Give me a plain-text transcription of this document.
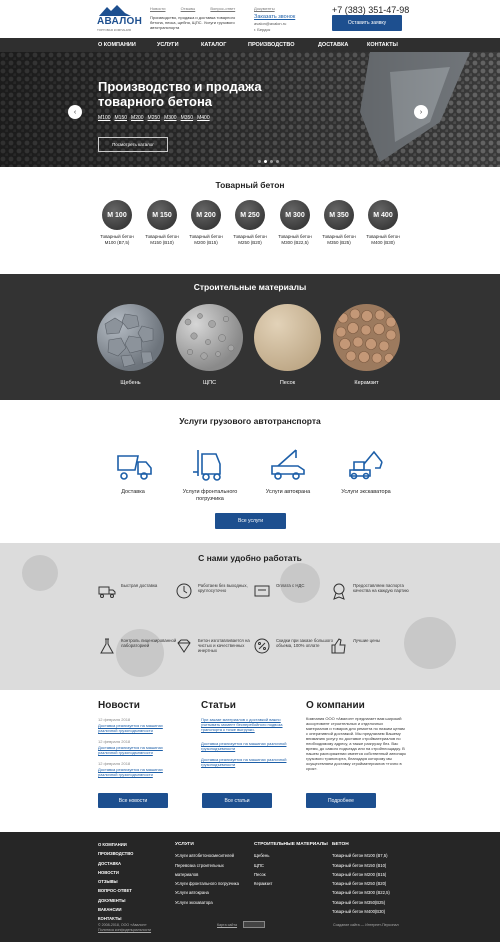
АВАЛОН
ТОРГОВАЯ КОМПАНИЯ
Новости	Отзывы	Вопрос-ответ
Производство, продажа и доставка товарного бетона, песка, щебня, ЩПС. Услуги грузового автотранспорта
Документы
Заказать звонок
avalon@avalon.ru
г. Бердск
+7 (383) 351-47-98
Оставить заявку
О КОМПАНИИ	УСЛУГИ	КАТАЛОГ	ПРОИЗВОДСТВО	ДОСТАВКА	КОНТАКТЫ
Производство и продажа товарного бетона
М100 М150 М200 М250 М300 М350 М400
Посмотреть каталог
‹	›
Товарный бетон
М 100
Товарный бетон М100 (В7,5)
М 150
Товарный бетон М150 (В10)
М 200
Товарный бетон М200 (В15)
М 250
Товарный бетон М250 (В20)
М 300
Товарный бетон М300 (В22,5)
М 350
Товарный бетон М350 (В25)
М 400
Товарный бетон М400 (В30)
Строительные материалы
Щебень	ЩПС	Песок	Керамзит
Услуги грузового автотранспорта
Доставка	Услуги фронтального погрузчика
Услуги автокрана	Услуги экскаватора
Все услуги
С нами удобно работать
Быстрая доставка	Работаем без выходных, круглосуточно
Оплата с НДС	Предоставляем паспорта качества на каждую партию
Контроль лицензированной лабораторией
Бетон изготавливается на чистых и качественных инертных
Скидки при заказе большого объема, 100% оплате
Лучшие цены
Новости
12 февраля 2018
Доставка реализуется на машинах различной грузоподъемности
12 февраля 2018
Доставка реализуется на машинах различной грузоподъемности
12 февраля 2018
Доставка реализуется на машинах различной грузоподъемности
Все новости
Статьи
При заказе материалов с доставкой важно учитывать момент бесперебойного подвоза транспорта к точке выгрузки.
Доставка реализуется на машинах различной грузоподъемности
Доставка реализуется на машинах различной грузоподъемности
Все статьи
О компании
Компания ООО «Авалон» предлагает вам широкий ассортимент строительных и отделочных материалов и товаров для ремонта по низким ценам с оперативной доставкой. Мы предлагаем Вашему вниманию услугу по доставке стройматериалов по необходимому адресу, а также разгрузку без. Вас время, до самого подъезда или на стройплощадку. В нашем распоряжении имеется собственный автопарк грузового транспорта, благодаря которому мы осуществляем доставку стройматериалов «точно в срок».
Подробнее
О КОМПАНИИ
ПРОИЗВОДСТВО
ДОСТАВКА
НОВОСТИ
ОТЗЫВЫ
ВОПРОС-ОТВЕТ
ДОКУМЕНТЫ
ВАКАНСИИ
КОНТАКТЫ
УСЛУГИ
Услуги автобетоносмесителей
Перевозка строительных материалов
Услуги фронтального погрузчика
Услуги автокрана
Услуги экскаватора
СТРОИТЕЛЬНЫЕ МАТЕРИАЛЫ
Щебень
ЩПС
Песок
Керамзит
БЕТОН
Товарный бетон М100 (В7,5)
Товарный бетон М150 (В10)
Товарный бетон М200 (В15)
Товарный бетон М250 (В20)
Товарный бетон М300 (В22,5)
Товарный бетон М350(В25)
Товарный бетон М400(В30)
© 2008-2018, ООО «Авалон»
Политика конфиденциальности
Карта сайта	Создание сайта — Интернет-Персонал
